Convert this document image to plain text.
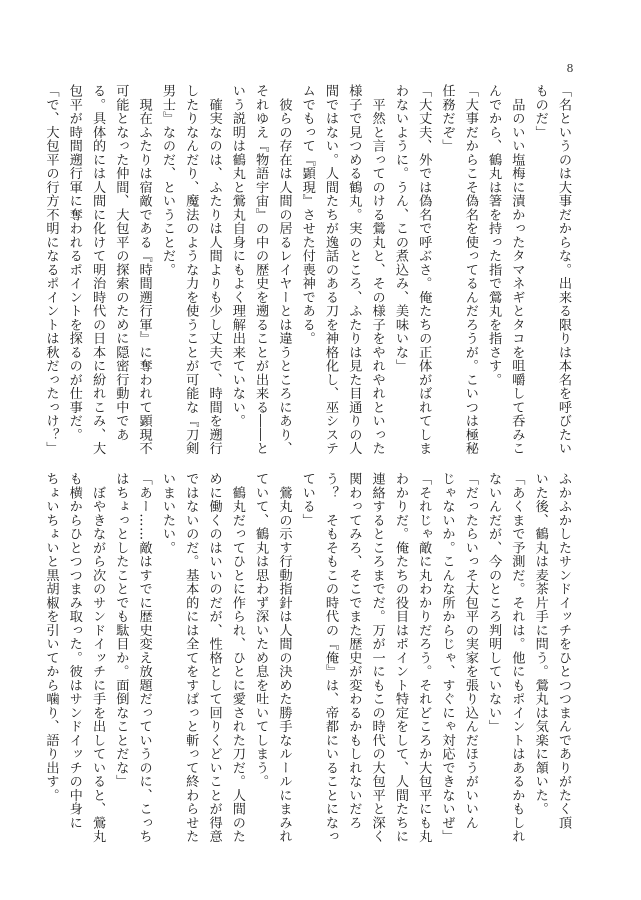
8
「名というのは大事だからな。出来る限りは本名を呼びたい
ものだ」
　品のいい塩梅に漬かったタマネギとタコを咀嚼して呑みこ
んでから、鶴丸は箸を持った指で鶯丸を指さす。
「大事だからこそ偽名を使ってるんだろうが。こいつは極秘
任務だぞ」
「大丈夫、外では偽名で呼ぶさ。俺たちの正体がばれてしま
わないように。うん、この煮込み、美味いな」
　平然と言ってのける鶯丸と、その様子をやれやれといった
様子で見つめる鶴丸。実のところ、ふたりは見た目通りの人
間ではない。人間たちが逸話のある刀を神格化し、巫システ
ムでもって『顕現』させた付喪神である。
　彼らの存在は人間の居るレイヤーとは違うところにあり、
それゆえ『物語宇宙』の中の歴史を遡ることが出来る――と
いう説明は鶴丸と鶯丸自身にもよく理解出来ていない。
　確実なのは、ふたりは人間よりも少し丈夫で、時間を遡行
したりなんだり、魔法のような力を使うことが可能な『刀剣
男士』なのだ、ということだ。
　現在ふたりは宿敵である『時間遡行軍』に奪われて顕現不
可能となった仲間、大包平の探索のために隠密行動中であ
る。具体的には人間に化けて明治時代の日本に紛れこみ、大
包平が時間遡行軍に奪われるポイントを探るのが仕事だ。
「で、大包平の行方不明になるポイントは秋だったっけ？」
ふかふかしたサンドイッチをひとつつまんでありがたく頂
いた後、鶴丸は麦茶片手に問う。鶯丸は気楽に頷いた。
「あくまで予測だ。それは。他にもポイントはあるかもしれ
ないんだが、今のところ判明していない」
「だったらいっそ大包平の実家を張り込んだほうがいいん
じゃないか。こんな所からじゃ、すぐにゃ対応できないぜ」
「それじゃ敵に丸わかりだろう。それどころか大包平にも丸
わかりだ。俺たちの役目はポイント特定をして、人間たちに
連絡するところまでだ。万が一にもこの時代の大包平と深く
関わってみろ、そこでまた歴史が変わるかもしれないだろ
う？　そもそもこの時代の『俺』は、帝都にいることになっ
ている」
　鶯丸の示す行動指針は人間の決めた勝手なルールにまみれ
ていて、鶴丸は思わず深いため息を吐いてしまう。
　鶴丸だってひとに作られ、ひとに愛された刀だ。人間のた
めに働くのはいいのだが、性格として回りくどいことが得意
ではないのだ。基本的には全てをすぱっと斬って終わらせた
いまいたい。
「あー……敵はすでに歴史変え放題だっていうのに、こっち
はちょっとしたことでも駄目か。面倒なことだな」
　ぼやきながら次のサンドイッチに手を出していると、鶯丸
も横からひとつつまみ取った。彼はサンドイッチの中身に
ちょいちょいと黒胡椒を引いてから噛り、語り出す。
